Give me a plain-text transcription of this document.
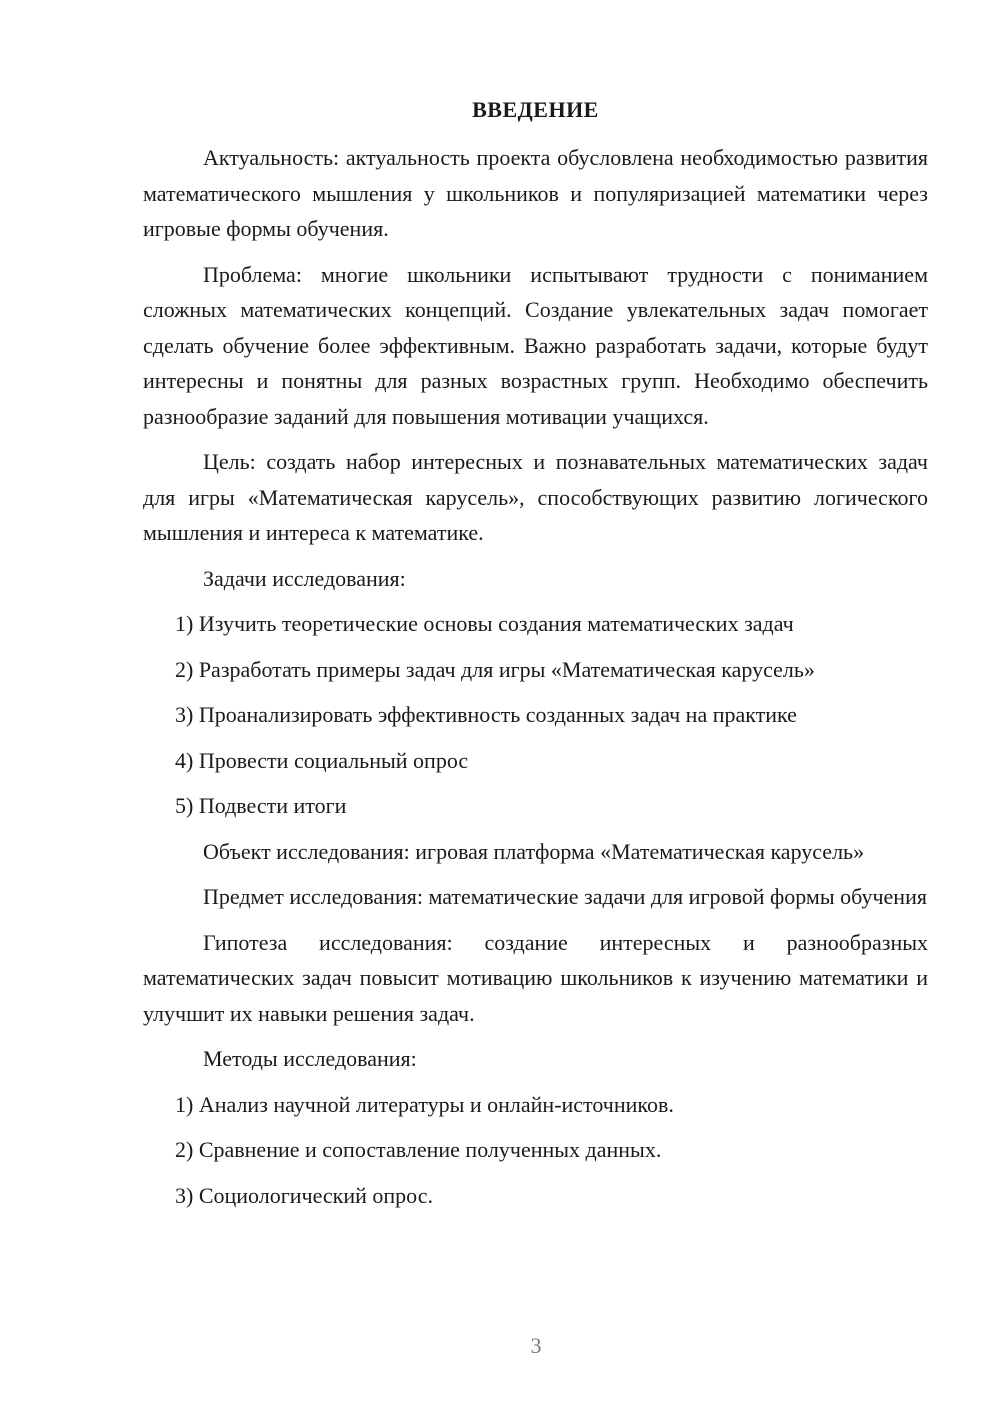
ВВЕДЕНИЕ

Актуальность: актуальность проекта обусловлена необходимостью развития математического мышления у школьников и популяризацией математики через игровые формы обучения.

Проблема: многие школьники испытывают трудности с пониманием сложных математических концепций. Создание увлекательных задач помогает сделать обучение более эффективным. Важно разработать задачи, которые будут интересны и понятны для разных возрастных групп. Необходимо обеспечить разнообразие заданий для повышения мотивации учащихся.

Цель: создать набор интересных и познавательных математических задач для игры «Математическая карусель», способствующих развитию логического мышления и интереса к математике.

Задачи исследования:

1) Изучить теоретические основы создания математических задач

2) Разработать примеры задач для игры «Математическая карусель»

3) Проанализировать эффективность созданных задач на практике

4) Провести социальный опрос

5) Подвести итоги

Объект исследования: игровая платформа «Математическая карусель»

Предмет исследования: математические задачи для игровой формы обучения

Гипотеза исследования: создание интересных и разнообразных математических задач повысит мотивацию школьников к изучению математики и улучшит их навыки решения задач.

Методы исследования:

1) Анализ научной литературы и онлайн-источников.

2) Сравнение и сопоставление полученных данных.

3) Социологический опрос.

3
